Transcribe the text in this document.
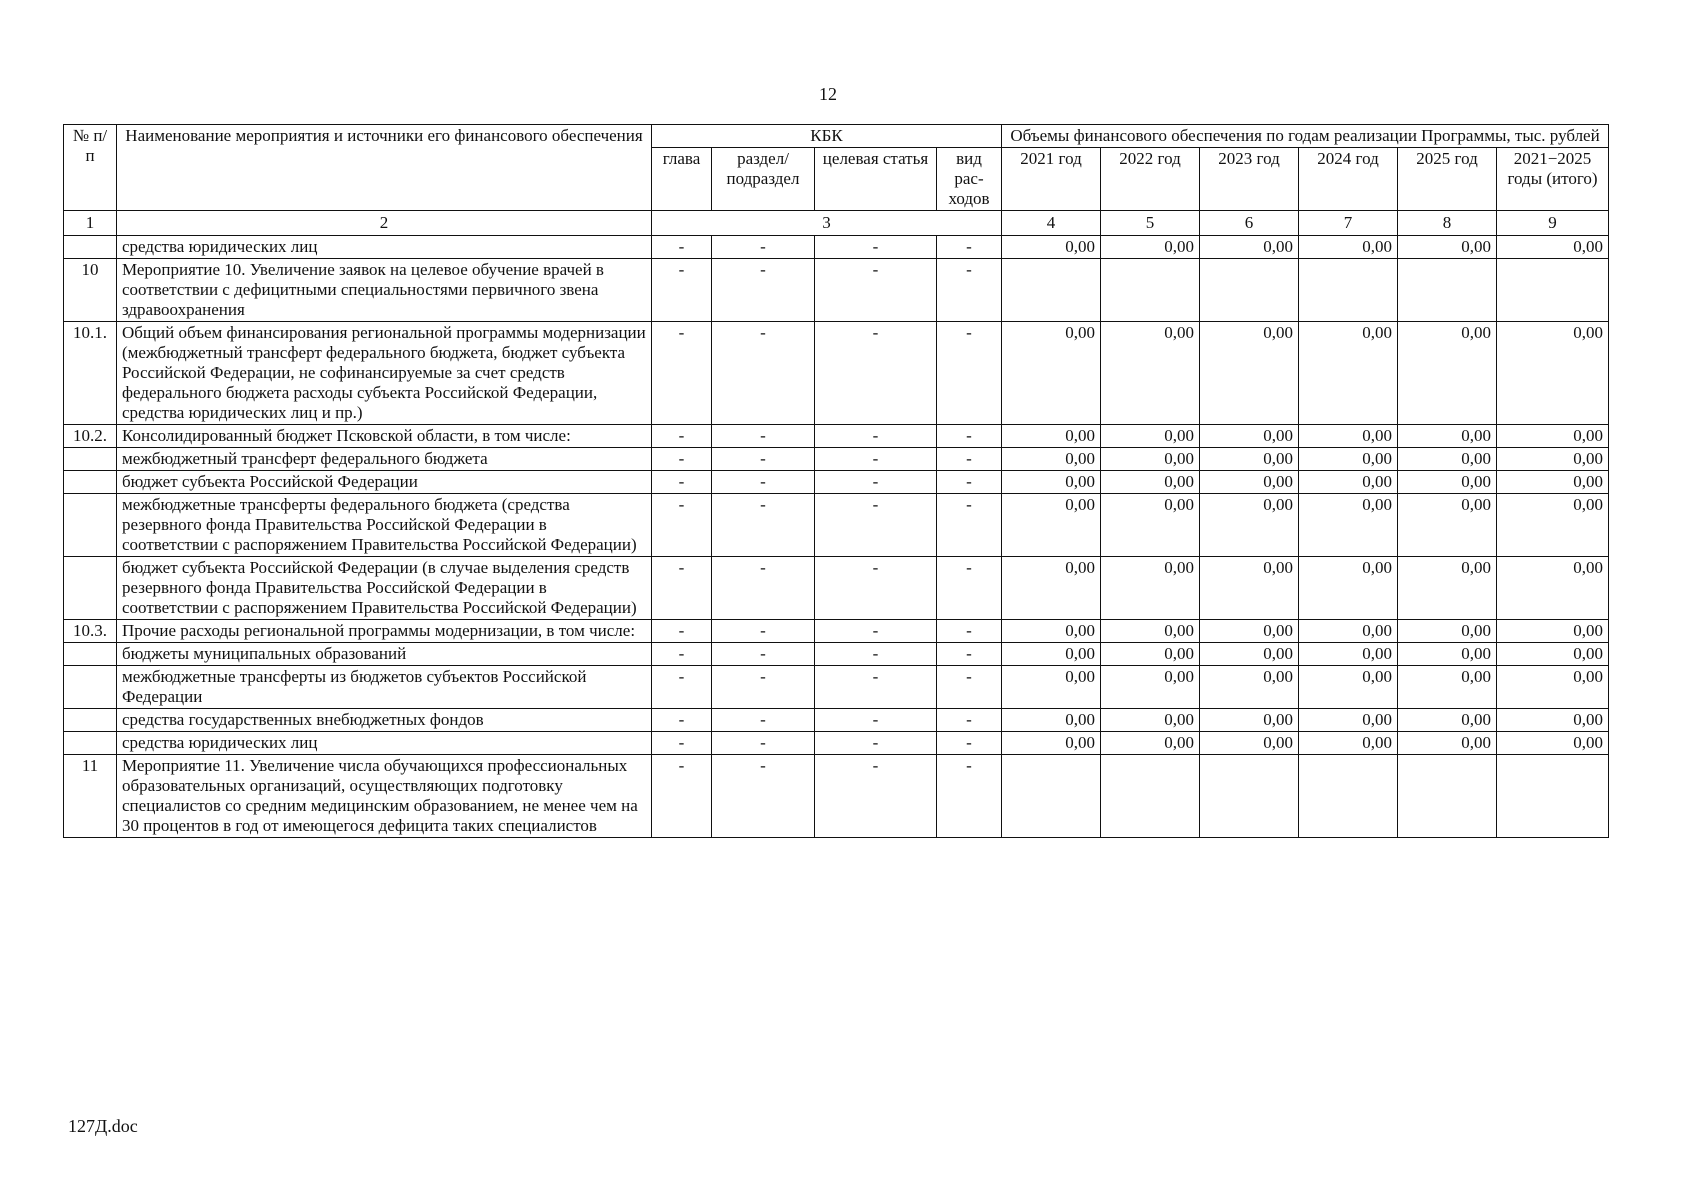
12
№ п/п	Наименование мероприятия и источники его финансового обеспечения	КБК				Объемы финансового обеспечения по годам реализации Программы, тыс. рублей					
		глава	раздел/ подраздел	целевая статья	вид рас- ходов	2021 год	2022 год	2023 год	2024 год	2025 год	2021−2025 годы (итого)
1	2	3				4	5	6	7	8	9
	средства юридических лиц	-	-	-	-	0,00	0,00	0,00	0,00	0,00	0,00
10	Мероприятие 10. Увеличение заявок на целевое обучение врачей в соответствии с дефицитными специальностями первичного звена здравоохранения	-	-	-	-						
10.1.	Общий объем финансирования региональной программы модернизации (межбюджетный трансферт федерального бюджета, бюджет субъекта Российской Федерации, не софинансируемые за счет средств федерального бюджета расходы субъекта Российской Федерации, средства юридических лиц и пр.)	-	-	-	-	0,00	0,00	0,00	0,00	0,00	0,00
10.2.	Консолидированный бюджет Псковской области, в том числе:	-	-	-	-	0,00	0,00	0,00	0,00	0,00	0,00
	межбюджетный трансферт федерального бюджета	-	-	-	-	0,00	0,00	0,00	0,00	0,00	0,00
	бюджет субъекта Российской Федерации	-	-	-	-	0,00	0,00	0,00	0,00	0,00	0,00
	межбюджетные трансферты федерального бюджета (средства резервного фонда Правительства Российской Федерации в соответствии с распоряжением Правительства Российской Федерации)	-	-	-	-	0,00	0,00	0,00	0,00	0,00	0,00
	бюджет субъекта Российской Федерации (в случае выделения средств резервного фонда Правительства Российской Федерации в соответствии с распоряжением Правительства Российской Федерации)	-	-	-	-	0,00	0,00	0,00	0,00	0,00	0,00
10.3.	Прочие расходы региональной программы модернизации, в том числе:	-	-	-	-	0,00	0,00	0,00	0,00	0,00	0,00
	бюджеты муниципальных образований	-	-	-	-	0,00	0,00	0,00	0,00	0,00	0,00
	межбюджетные трансферты из бюджетов субъектов Российской Федерации	-	-	-	-	0,00	0,00	0,00	0,00	0,00	0,00
	средства государственных внебюджетных фондов	-	-	-	-	0,00	0,00	0,00	0,00	0,00	0,00
	средства юридических лиц	-	-	-	-	0,00	0,00	0,00	0,00	0,00	0,00
11	Мероприятие 11. Увеличение числа обучающихся профессиональных образовательных организаций, осуществляющих подготовку специалистов со средним медицинским образованием, не менее чем на 30 процентов в год от имеющегося дефицита таких специалистов	-	-	-	-						
127Д.doc
